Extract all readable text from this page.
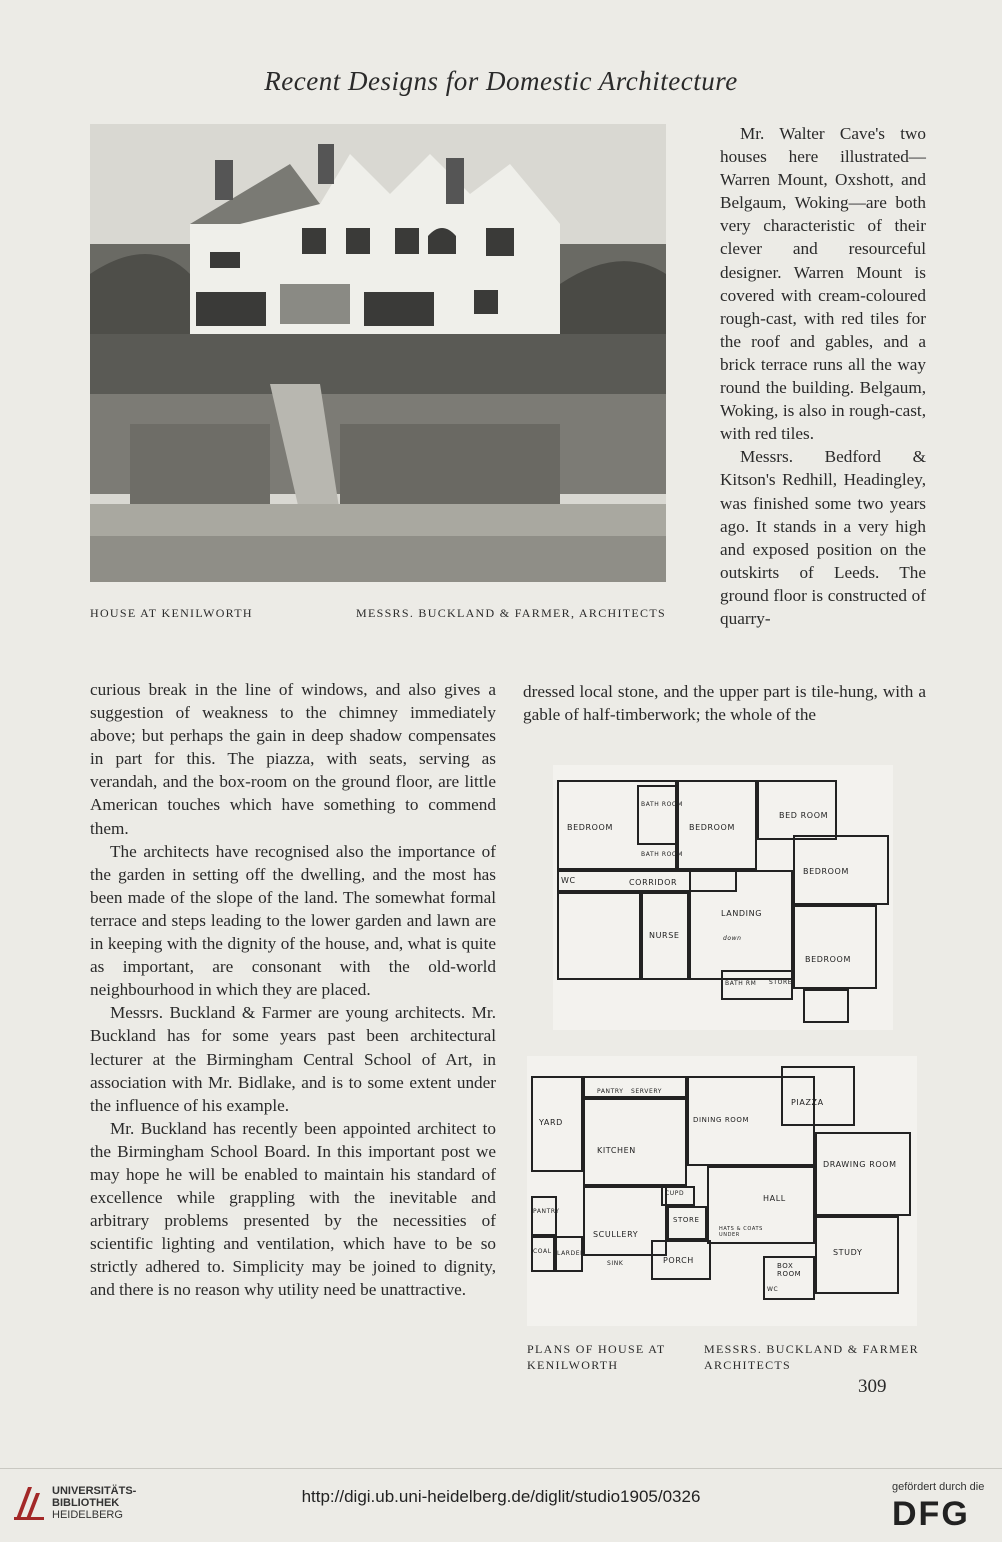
Recent Designs for Domestic Architecture
HOUSE AT KENILWORTH	MESSRS. BUCKLAND & FARMER, ARCHITECTS

Mr. Walter Cave's two houses here illustrated—Warren Mount, Oxshott, and Belgaum, Woking—are both very characteristic of their clever and resourceful designer. Warren Mount is covered with cream-coloured rough-cast, with red tiles for the roof and gables, and a brick terrace runs all the way round the building. Belgaum, Woking, is also in rough-cast, with red tiles.

Messrs. Bedford & Kitson's Redhill, Headingley, was finished some two years ago. It stands in a very high and exposed position on the outskirts of Leeds. The ground floor is constructed of quarry-

dressed local stone, and the upper part is tile-hung, with a gable of half-timberwork; the whole of the

curious break in the line of windows, and also gives a suggestion of weakness to the chimney immediately above; but perhaps the gain in deep shadow compensates in part for this. The piazza, with seats, serving as verandah, and the box-room on the ground floor, are little American touches which have something to commend them.

The architects have recognised also the importance of the garden in setting off the dwelling, and the most has been made of the slope of the land. The somewhat formal terrace and steps leading to the lower garden and lawn are in keeping with the dignity of the house, and, what is quite as important, are consonant with the old-world neighbourhood in which they are placed.

Messrs. Buckland & Farmer are young architects. Mr. Buckland has for some years past been architectural lecturer at the Birmingham Central School of Art, in association with Mr. Bidlake, and is to some extent under the influence of his example.

Mr. Buckland has recently been appointed architect to the Birmingham School Board. In this important post we may hope he will be enabled to maintain his standard of excellence while grappling with the inevitable and arbitrary problems presented by the necessities of scientific lighting and ventilation, which have to be so strictly adhered to. Simplicity may be joined to dignity, and there is no reason why utility need be unattractive.

BEDROOM
BATH ROOM
BEDROOM
BED ROOM
BATH ROOM
WC	CORRIDOR
LANDING
BEDROOM
NURSE
BEDROOM
BATH RM STORE
down
PANTRY SERVERY
YARD	DINING ROOM
PIAZZA
KITCHEN
DRAWING ROOM
CUPD
HALL
PANTRY
STORE
SCULLERY
HATS & COATS UNDER
COAL LARDER
PORCH
STUDY
SINK	BOX ROOM
WC
PLANS OF HOUSE AT
KENILWORTH
MESSRS. BUCKLAND & FARMER
ARCHITECTS
309
UNIVERSITÄTS-
BIBLIOTHEK
HEIDELBERG
http://digi.ub.uni-heidelberg.de/diglit/studio1905/0326	gefördert durch die
DFG
